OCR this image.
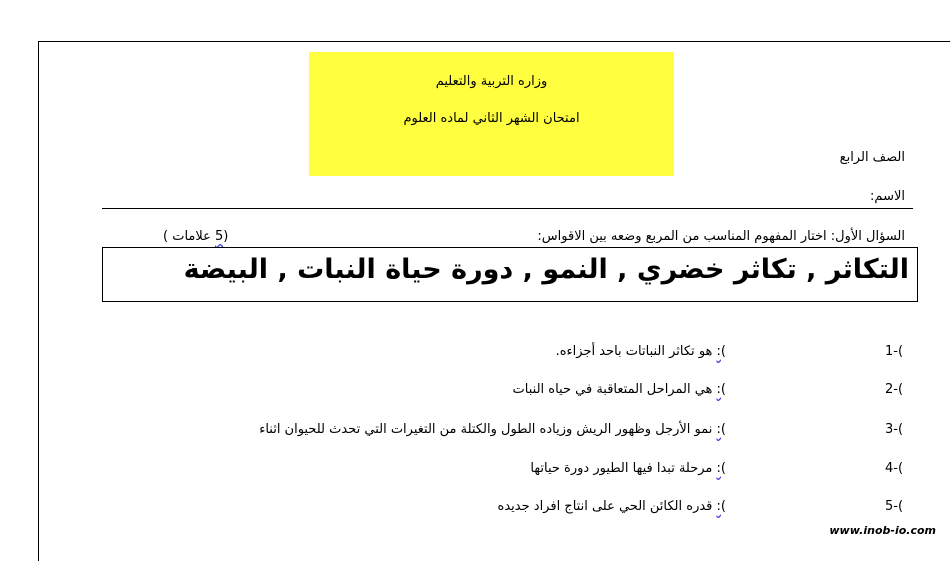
وزاره التربية والتعليم
امتحان الشهر الثاني لماده العلوم
الصف الرابع
الاسم:
السؤال الأول: اختار المفهوم المناسب من المربع وضعه بين الاقواس:
(5 علامات )
التكاثر , تكاثر خضري , النمو , دورة حياة النبات , البيضة
1-(
): هو تكاثر النباتات باحد أجزاءه.
2-(
): هي المراحل المتعاقبة في حياه النبات
3-(
): نمو الأرجل وظهور الريش وزياده الطول والكتلة من التغيرات التي تحدث للحيوان اثناء
4-(
): مرحلة تبدا فيها الطيور دورة حياتها
5-(
): قدره الكائن الحي على انتاج افراد جديده
www.inob-io.com
